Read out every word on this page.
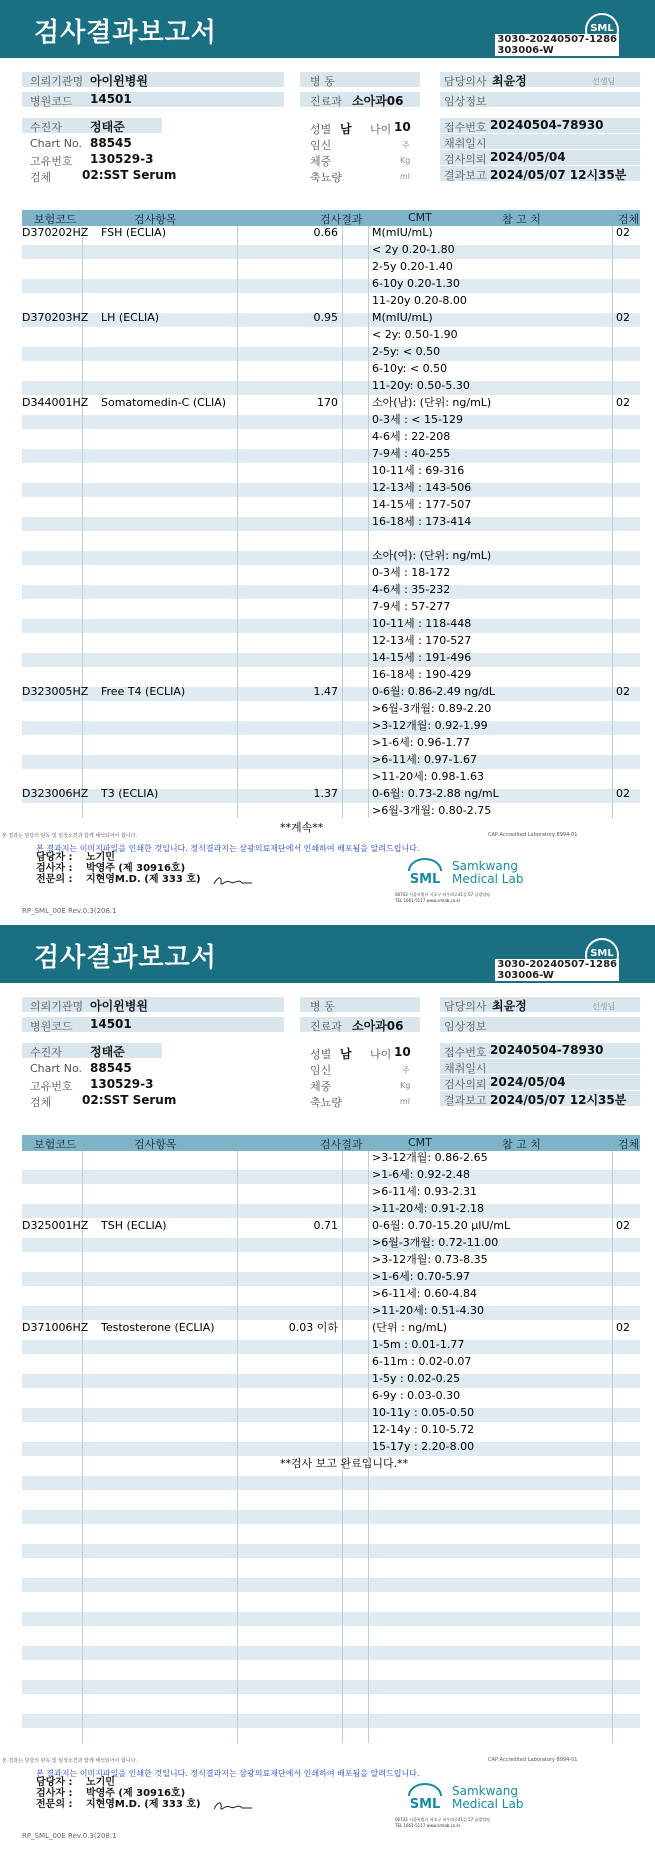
검사결과보고서	SML
3030-20240507-1286
303006-W
의뢰기관명 아이윈병원
병원코드 14501
병 동
진료과 소아과06
담당의사 최윤정	선생님
임상정보
수진자 정태준
Chart No. 88545
고유번호 130529-3
검체	02:SST Serum
성별 남 나이 10
임신	주
체중	Kg
축뇨량	ml
접수번호 20240504-78930
채취일시
검사의뢰 2024/05/04
결과보고 2024/05/07 12시35분
보험코드	검사항목	검사결과	CMT	참 고 치	검체
D370202HZ FSH (ECLIA)	0.66	M(mIU/mL)	02
< 2y 0.20-1.80
2-5y 0.20-1.40
6-10y 0.20-1.30
11-20y 0.20-8.00
D370203HZ LH (ECLIA)	0.95	M(mIU/mL)	02
< 2y: 0.50-1.90
2-5y: < 0.50
6-10y: < 0.50
11-20y: 0.50-5.30
D344001HZ Somatomedin-C (CLIA)	170	소아(남): (단위: ng/mL)	02
0-3세 : < 15-129
4-6세 : 22-208
7-9세 : 40-255
10-11세 : 69-316
12-13세 : 143-506
14-15세 : 177-507
16-18세 : 173-414
소아(여): (단위: ng/mL)
0-3세 : 18-172
4-6세 : 35-232
7-9세 : 57-277
10-11세 : 118-448
12-13세 : 170-527
14-15세 : 191-496
16-18세 : 190-429
D323005HZ Free T4 (ECLIA)	1.47	0-6월: 0.86-2.49 ng/dL	02
>6월-3개월: 0.89-2.20
>3-12개월: 0.92-1.99
>1-6세: 0.96-1.77
>6-11세: 0.97-1.67
>11-20세: 0.98-1.63
D323006HZ T3 (ECLIA)	1.37	0-6월: 0.73-2.88 ng/mL	02
>6월-3개월: 0.80-2.75
**계속**
본 결과는 담당의 판독 및 임상소견과 함께 해석되어야 합니다.	CAP Accredited Laboratory 8994-01
본 결과지는 이미지파일을 인쇄한 것입니다. 정식결과지는 삼광의료재단에서 인쇄하여 배포됨을 알려드립니다.
담당자 : 노기민
검사자 : 박영주 (제 30916호)
전문의 : 지현영M.D. (제 333 호)	SML
Samkwang
Medical Lab
06743 서울특별시 서초구 바우뫼로41길 57 삼광빌딩
TEL 1661-5117 www.smlab.co.kr
RP_SML_00E Rev.0.3(208.1
검사결과보고서	SML
3030-20240507-1286
303006-W
의뢰기관명 아이윈병원
병원코드 14501
병 동
진료과 소아과06
담당의사 최윤정	선생님
임상정보
수진자 정태준
Chart No. 88545
고유번호 130529-3
검체	02:SST Serum
성별 남 나이 10
임신	주
체중	Kg
축뇨량	ml
접수번호 20240504-78930
채취일시
검사의뢰 2024/05/04
결과보고 2024/05/07 12시35분
보험코드	검사항목	검사결과	CMT	참 고 치	검체
>3-12개월: 0.86-2.65
>1-6세: 0.92-2.48
>6-11세: 0.93-2.31
>11-20세: 0.91-2.18
D325001HZ TSH (ECLIA)	0.71	0-6월: 0.70-15.20 μIU/mL	02
>6월-3개월: 0.72-11.00
>3-12개월: 0.73-8.35
>1-6세: 0.70-5.97
>6-11세: 0.60-4.84
>11-20세: 0.51-4.30
D371006HZ Testosterone (ECLIA)	0.03 이하	(단위 : ng/mL)	02
1-5m : 0.01-1.77
6-11m : 0.02-0.07
1-5y : 0.02-0.25
6-9y : 0.03-0.30
10-11y : 0.05-0.50
12-14y : 0.10-5.72
15-17y : 2.20-8.00
**검사 보고 완료입니다.**
본 결과는 담당의 판독 및 임상소견과 함께 해석되어야 합니다.	CAP Accredited Laboratory 8994-01
본 결과지는 이미지파일을 인쇄한 것입니다. 정식결과지는 삼광의료재단에서 인쇄하여 배포됨을 알려드립니다.
담당자 : 노기민
검사자 : 박영주 (제 30916호)
전문의 : 지현영M.D. (제 333 호)	SML
Samkwang
Medical Lab
06743 서울특별시 서초구 바우뫼로41길 57 삼광빌딩
TEL 1661-5117 www.smlab.co.kr
RP_SML_00E Rev.0.3(208.1
